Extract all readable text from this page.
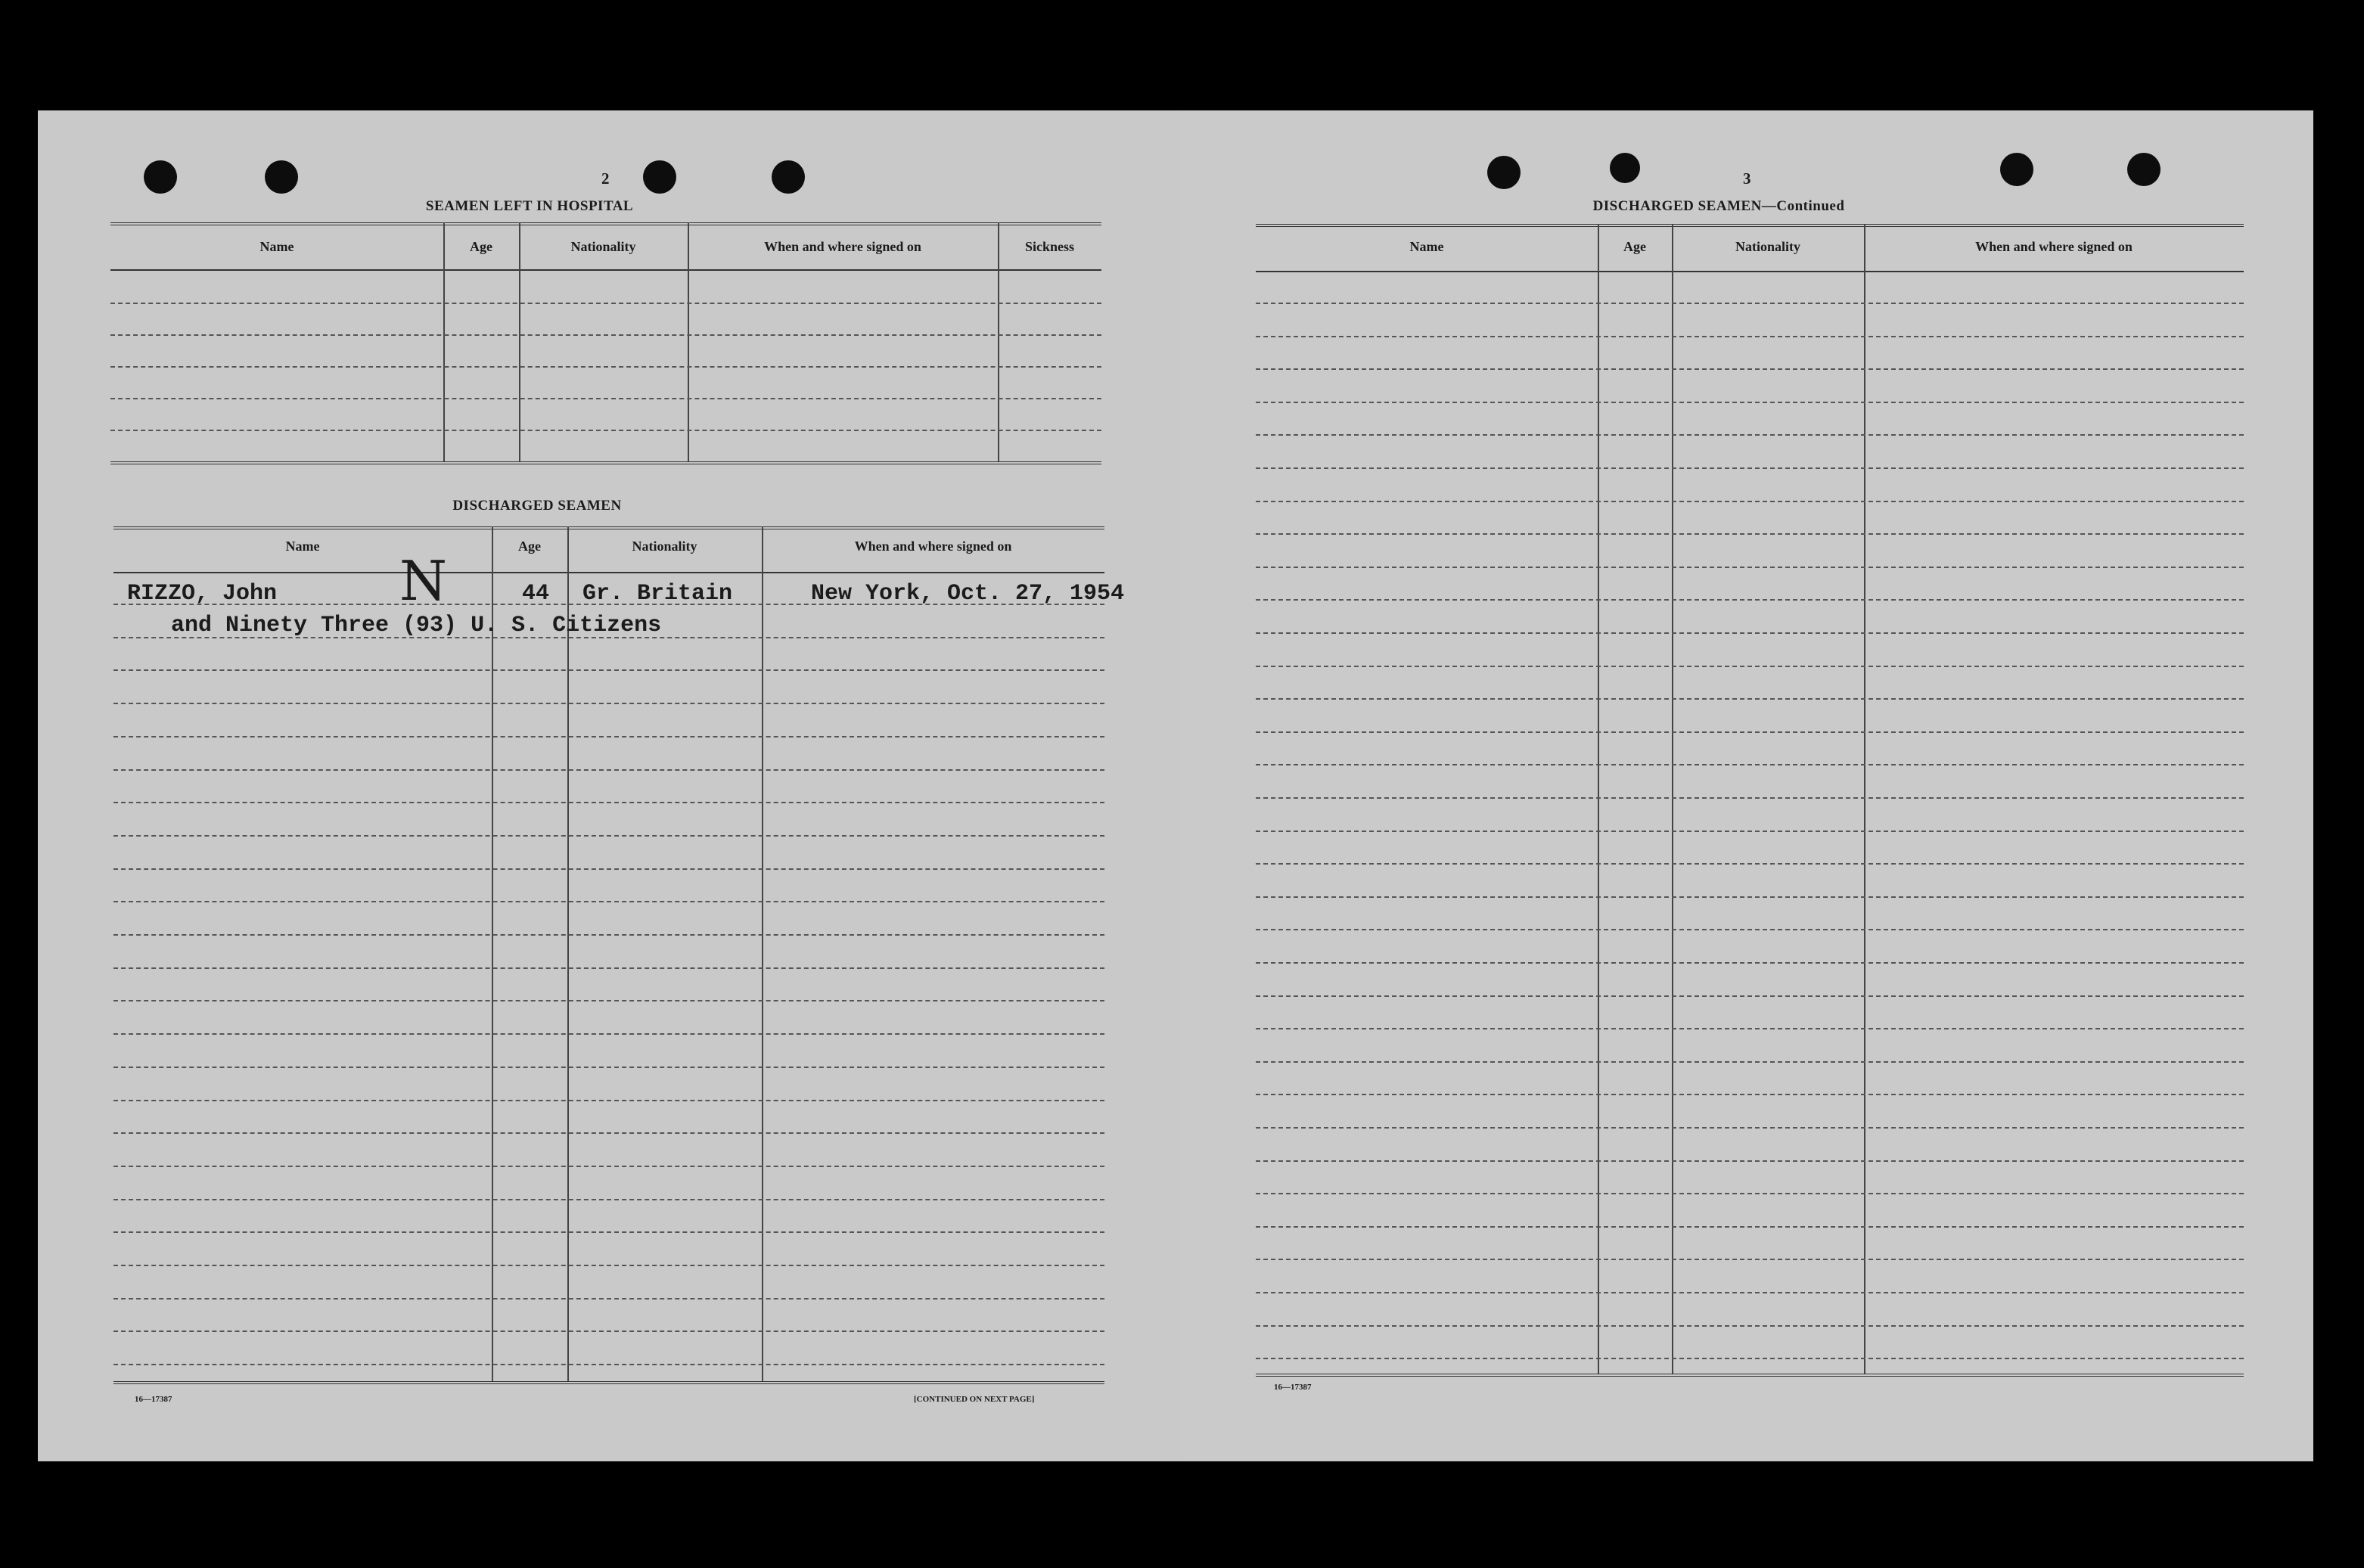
2
SEAMEN LEFT IN HOSPITAL
Name	Age	Nationality	When and where signed on	Sickness
DISCHARGED SEAMEN
Name	Age	Nationality	When and where signed on
RIZZO, John N	44 Gr. Britain	New York, Oct. 27, 1954
and Ninety Three (93) U. S. Citizens
16—17387	[CONTINUED ON NEXT PAGE]
3
DISCHARGED SEAMEN—Continued
Name	Age	Nationality	When and where signed on
16—17387
